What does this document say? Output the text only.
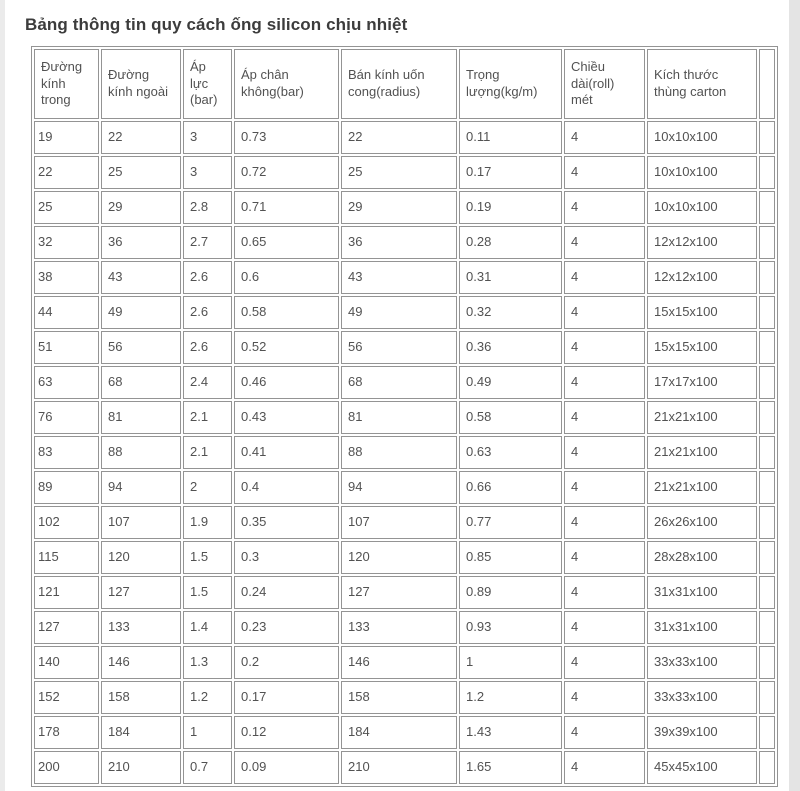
Bảng thông tin quy cách ống silicon chịu nhiệt
Đường kính trong	Đường kính ngoài	Áp lực (bar)	Áp chân không(bar)	Bán kính uốn cong(radius)	Trọng lượng(kg/m)	Chiều dài(roll) mét	Kích thước thùng carton	
19	22	3	0.73	22	0.11	4	10x10x100	
22	25	3	0.72	25	0.17	4	10x10x100	
25	29	2.8	0.71	29	0.19	4	10x10x100	
32	36	2.7	0.65	36	0.28	4	12x12x100	
38	43	2.6	0.6	43	0.31	4	12x12x100	
44	49	2.6	0.58	49	0.32	4	15x15x100	
51	56	2.6	0.52	56	0.36	4	15x15x100	
63	68	2.4	0.46	68	0.49	4	17x17x100	
76	81	2.1	0.43	81	0.58	4	21x21x100	
83	88	2.1	0.41	88	0.63	4	21x21x100	
89	94	2	0.4	94	0.66	4	21x21x100	
102	107	1.9	0.35	107	0.77	4	26x26x100	
115	120	1.5	0.3	120	0.85	4	28x28x100	
121	127	1.5	0.24	127	0.89	4	31x31x100	
127	133	1.4	0.23	133	0.93	4	31x31x100	
140	146	1.3	0.2	146	1	4	33x33x100	
152	158	1.2	0.17	158	1.2	4	33x33x100	
178	184	1	0.12	184	1.43	4	39x39x100	
200	210	0.7	0.09	210	1.65	4	45x45x100	
